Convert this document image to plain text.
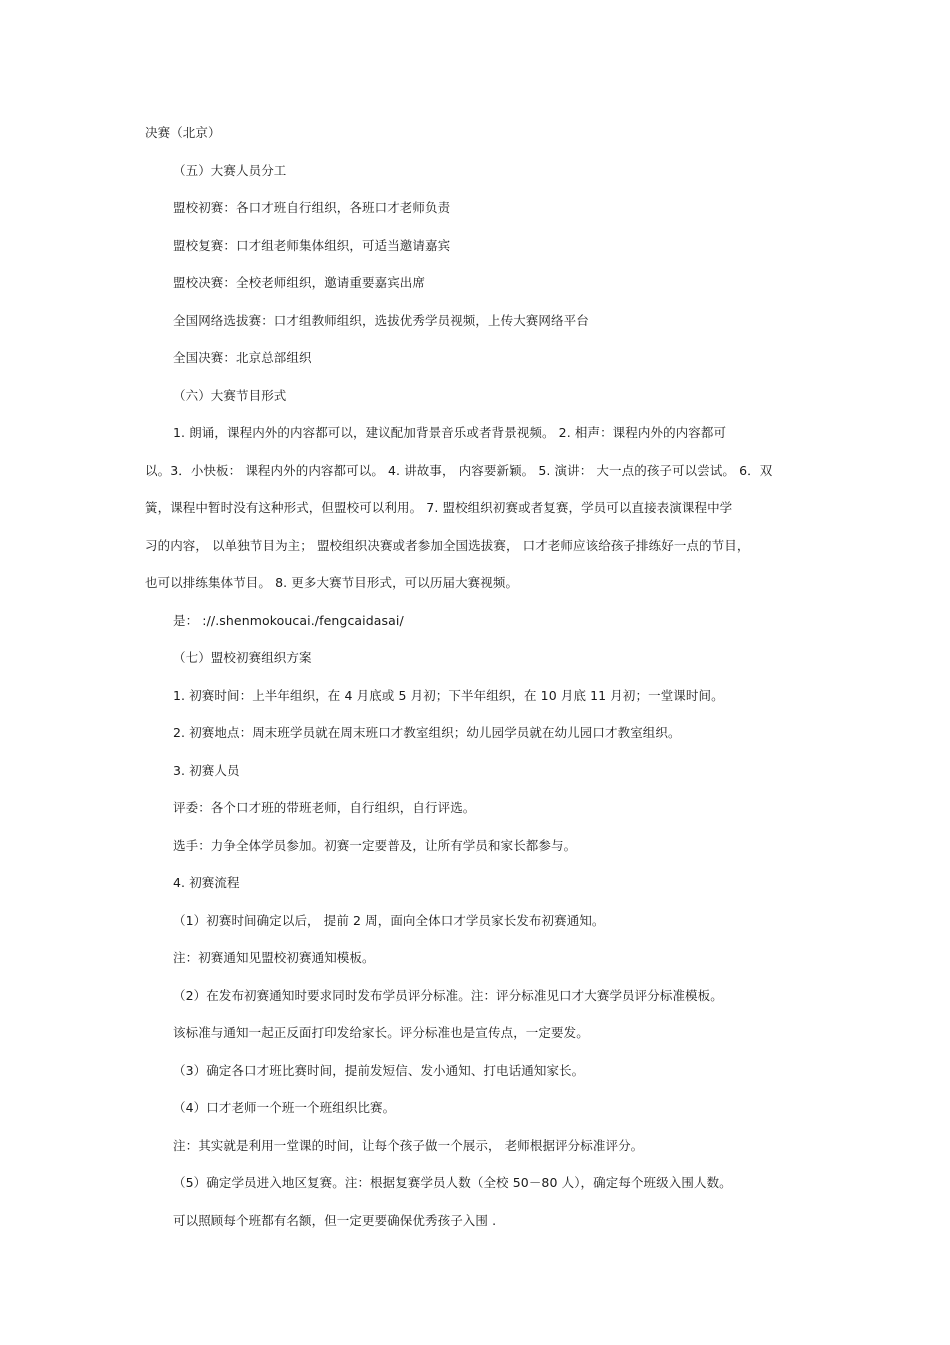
决赛（北京）
（五）大赛人员分工
盟校初赛：各口才班自行组织，各班口才老师负责
盟校复赛：口才组老师集体组织，可适当邀请嘉宾
盟校决赛：全校老师组织，邀请重要嘉宾出席
全国网络选拔赛：口才组教师组织，选拔优秀学员视频，上传大赛网络平台
全国决赛：北京总部组织
（六）大赛节目形式
1. 朗诵，课程内外的内容都可以，建议配加背景音乐或者背景视频。 2. 相声：课程内外的内容都可
以。3．小快板： 课程内外的内容都可以。 4. 讲故事， 内容要新颖。 5. 演讲： 大一点的孩子可以尝试。 6．双
簧，课程中暂时没有这种形式，但盟校可以利用。 7. 盟校组织初赛或者复赛，学员可以直接表演课程中学
习的内容， 以单独节目为主； 盟校组织决赛或者参加全国选拔赛， 口才老师应该给孩子排练好一点的节目，
也可以排练集体节目。 8. 更多大赛节目形式，可以历届大赛视频。
是： ://.shenmokoucai./fengcaidasai/
（七）盟校初赛组织方案
1. 初赛时间：上半年组织，在 4 月底或 5 月初；下半年组织，在 10 月底 11 月初；一堂课时间。
2. 初赛地点：周末班学员就在周末班口才教室组织；幼儿园学员就在幼儿园口才教室组织。
3. 初赛人员
评委：各个口才班的带班老师，自行组织，自行评选。
选手：力争全体学员参加。初赛一定要普及，让所有学员和家长都参与。
4. 初赛流程
（1）初赛时间确定以后， 提前 2 周，面向全体口才学员家长发布初赛通知。
注：初赛通知见盟校初赛通知模板。
（2）在发布初赛通知时要求同时发布学员评分标准。注：评分标准见口才大赛学员评分标准模板。
该标准与通知一起正反面打印发给家长。评分标准也是宣传点，一定要发。
（3）确定各口才班比赛时间，提前发短信、发小通知、打电话通知家长。
（4）口才老师一个班一个班组织比赛。
注：其实就是利用一堂课的时间，让每个孩子做一个展示， 老师根据评分标准评分。
（5）确定学员进入地区复赛。注：根据复赛学员人数（全校 50－80 人），确定每个班级入围人数。
可以照顾每个班都有名额，但一定更要确保优秀孩子入围 .
